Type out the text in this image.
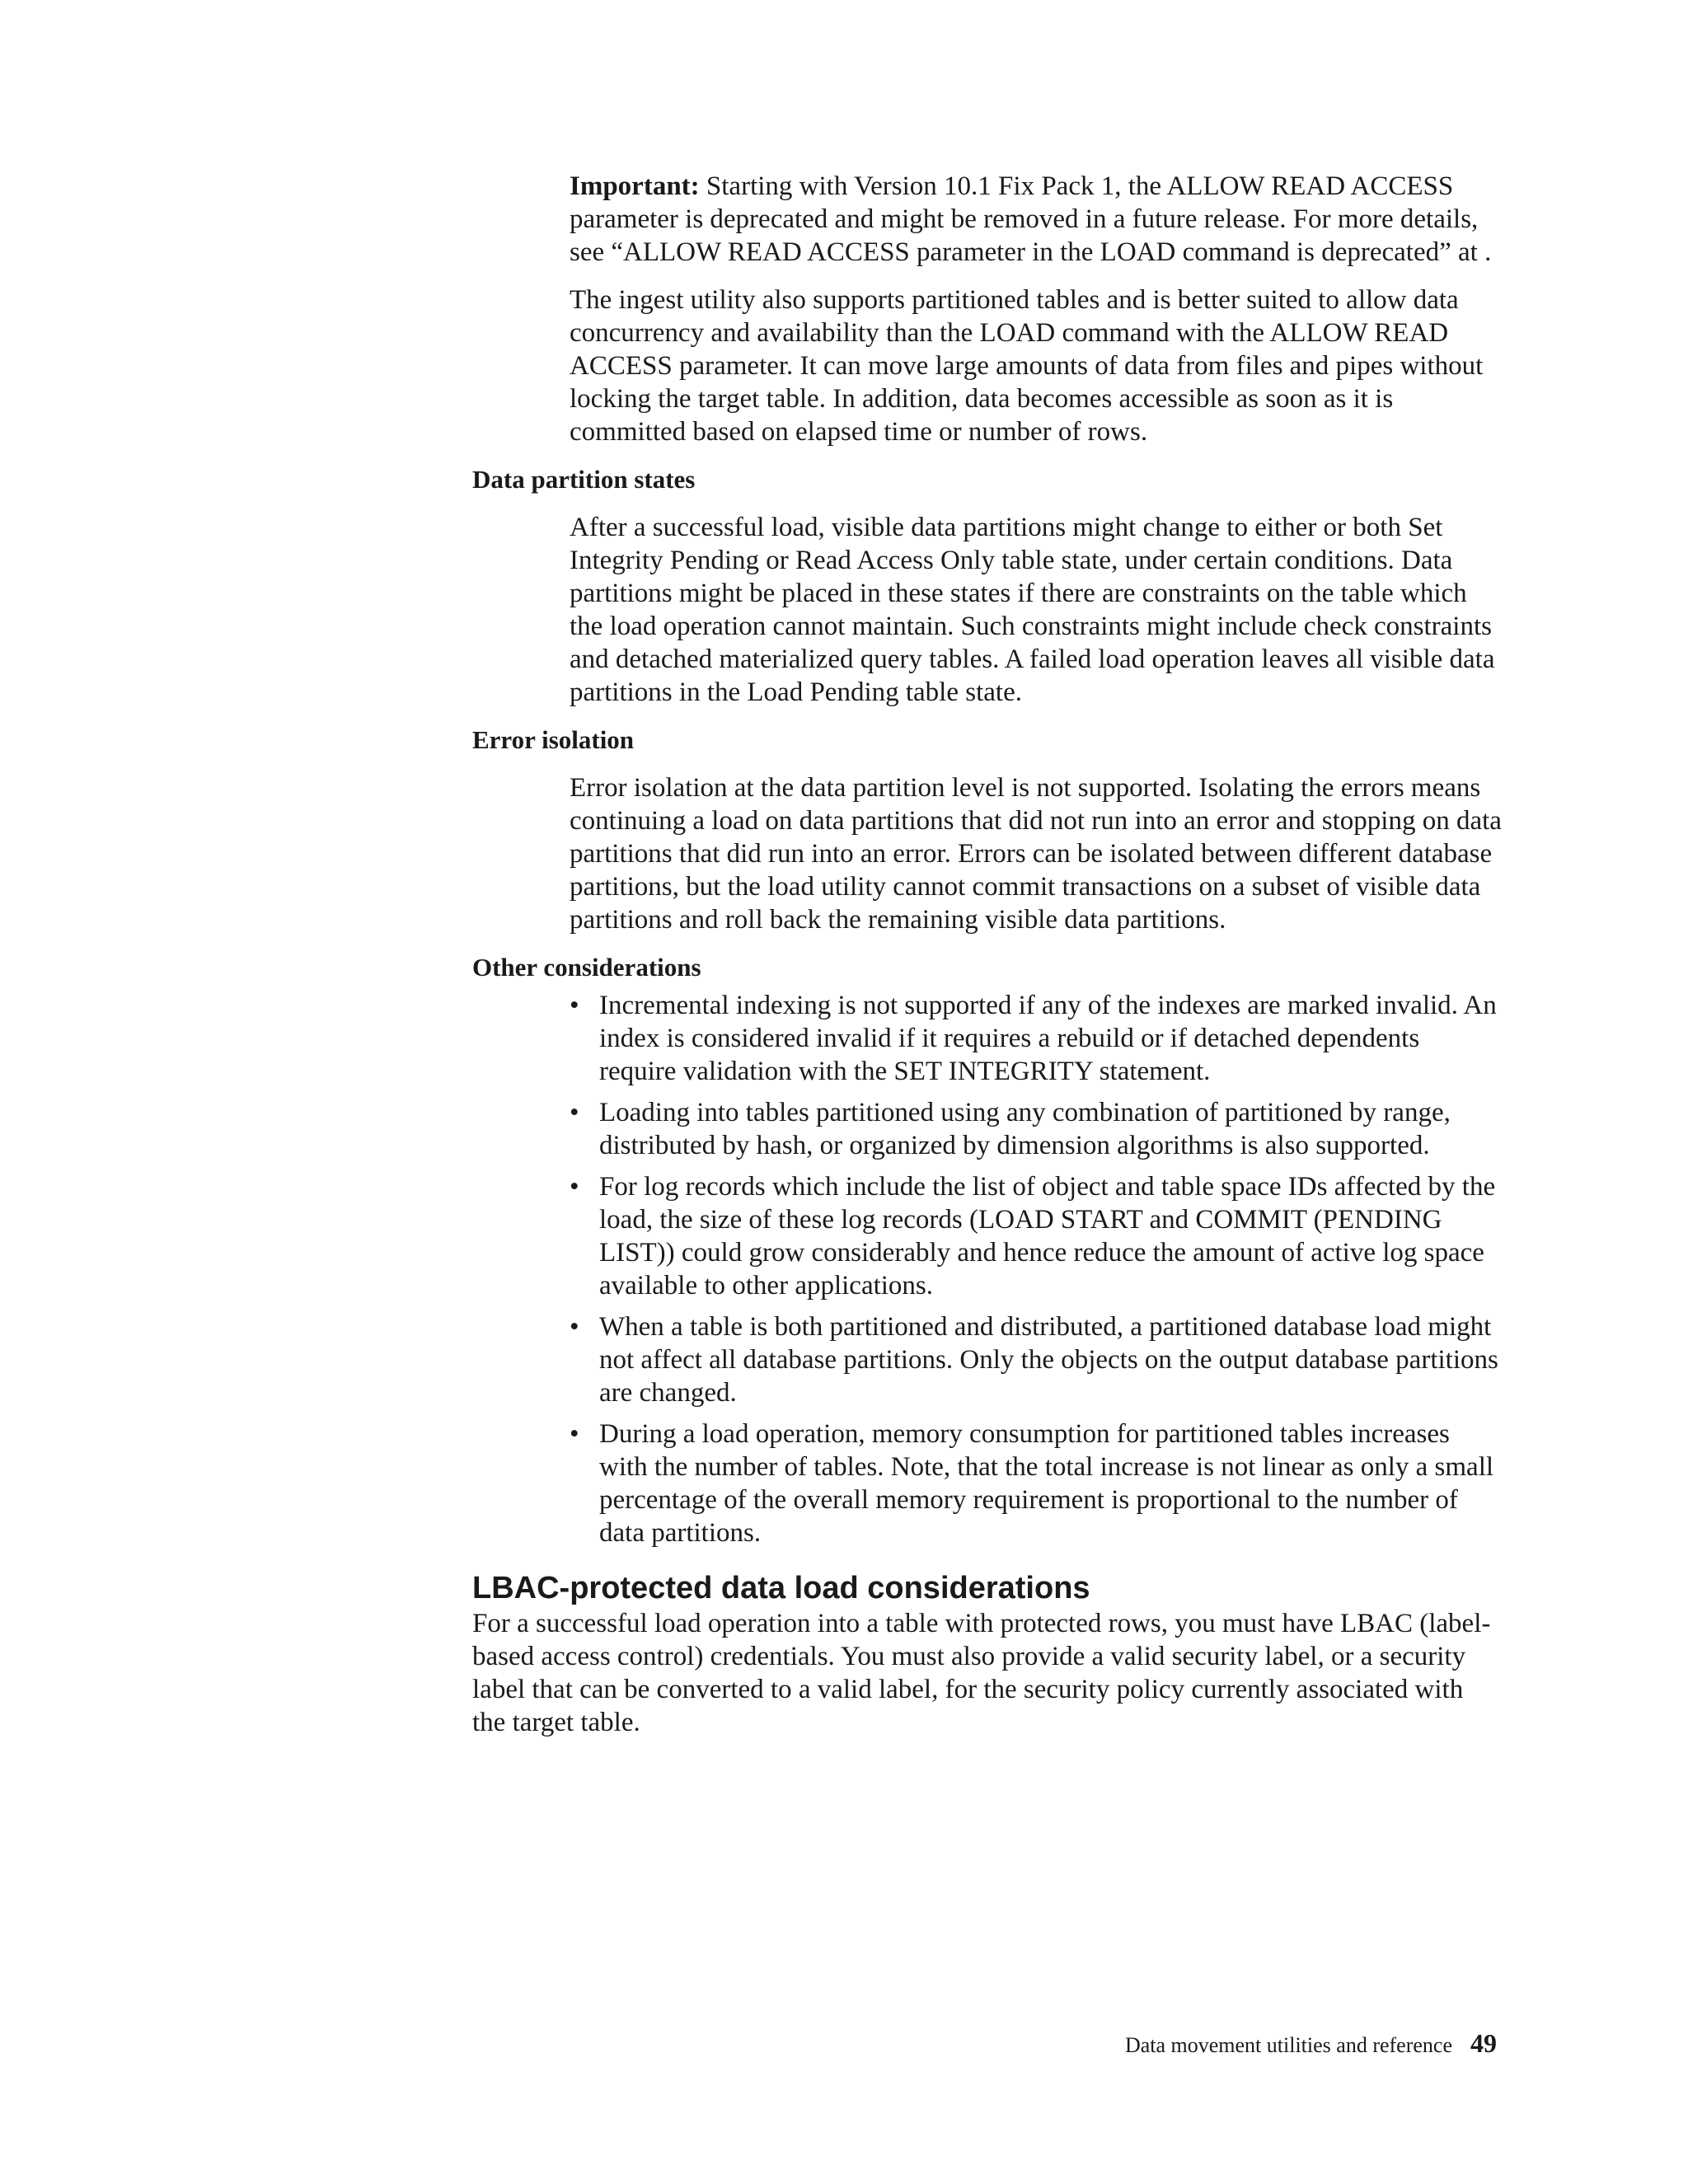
Important: Starting with Version 10.1 Fix Pack 1, the ALLOW READ ACCESS parameter is deprecated and might be removed in a future release. For more details, see “ALLOW READ ACCESS parameter in the LOAD command is deprecated” at .

The ingest utility also supports partitioned tables and is better suited to allow data concurrency and availability than the LOAD command with the ALLOW READ ACCESS parameter. It can move large amounts of data from files and pipes without locking the target table. In addition, data becomes accessible as soon as it is committed based on elapsed time or number of rows.

Data partition states

After a successful load, visible data partitions might change to either or both Set Integrity Pending or Read Access Only table state, under certain conditions. Data partitions might be placed in these states if there are constraints on the table which the load operation cannot maintain. Such constraints might include check constraints and detached materialized query tables. A failed load operation leaves all visible data partitions in the Load Pending table state.

Error isolation

Error isolation at the data partition level is not supported. Isolating the errors means continuing a load on data partitions that did not run into an error and stopping on data partitions that did run into an error. Errors can be isolated between different database partitions, but the load utility cannot commit transactions on a subset of visible data partitions and roll back the remaining visible data partitions.

Other considerations
• Incremental indexing is not supported if any of the indexes are marked invalid. An index is considered invalid if it requires a rebuild or if detached dependents require validation with the SET INTEGRITY statement.
• Loading into tables partitioned using any combination of partitioned by range, distributed by hash, or organized by dimension algorithms is also supported.
• For log records which include the list of object and table space IDs affected by the load, the size of these log records (LOAD START and COMMIT (PENDING LIST)) could grow considerably and hence reduce the amount of active log space available to other applications.
• When a table is both partitioned and distributed, a partitioned database load might not affect all database partitions. Only the objects on the output database partitions are changed.
• During a load operation, memory consumption for partitioned tables increases with the number of tables. Note, that the total increase is not linear as only a small percentage of the overall memory requirement is proportional to the number of data partitions.
LBAC-protected data load considerations

For a successful load operation into a table with protected rows, you must have LBAC (label-based access control) credentials. You must also provide a valid security label, or a security label that can be converted to a valid label, for the security policy currently associated with the target table.

Data movement utilities and reference 49
